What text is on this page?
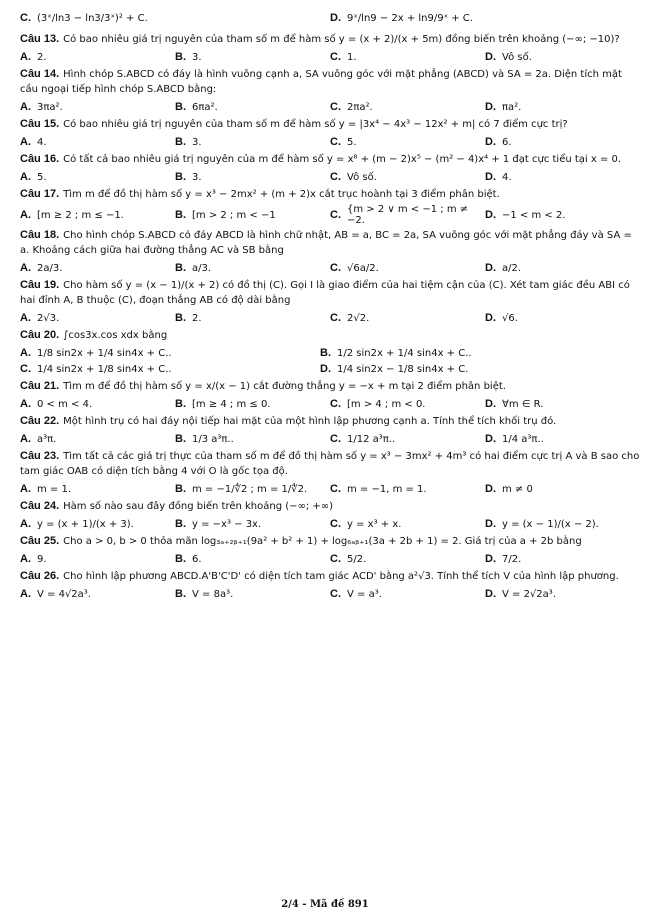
C. (3ˣ/ln3 − ln3/3ˣ)² + C.	D. 9ˣ/ln9 − 2x + ln9/9ˣ + C.

Câu 13. Có bao nhiêu giá trị nguyên của tham số m để hàm số y = (x + 2)/(x + 5m) đồng biến trên khoảng (−∞; −10)?

A. 2.	B. 3.	C. 1.	D. Vô số.

Câu 14. Hình chóp S.ABCD có đáy là hình vuông cạnh a, SA vuông góc với mặt phẳng (ABCD) và SA = 2a. Diện tích mặt cầu ngoại tiếp hình chóp S.ABCD bằng:

A. 3πa².	B. 6πa².	C. 2πa².	D. πa².

Câu 15. Có bao nhiêu giá trị nguyên của tham số m để hàm số y = |3x⁴ − 4x³ − 12x² + m| có 7 điểm cực trị?

A. 4.	B. 3.	C. 5.	D. 6.

Câu 16. Có tất cả bao nhiêu giá trị nguyên của m để hàm số y = x⁸ + (m − 2)x⁵ − (m² − 4)x⁴ + 1 đạt cực tiểu tại x = 0.

A. 5.	B. 3.	C. Vô số.	D. 4.

Câu 17. Tìm m để đồ thị hàm số y = x³ − 2mx² + (m + 2)x cắt trục hoành tại 3 điểm phân biệt.

A. [m ≥ 2 ; m ≤ −1.	B. [m > 2 ; m < −1	C. {m > 2 ∨ m < −1 ; m ≠ −2.	D. −1 < m < 2.

Câu 18. Cho hình chóp S.ABCD có đáy ABCD là hình chữ nhật, AB = a, BC = 2a, SA vuông góc với mặt phẳng đáy và SA = a. Khoảng cách giữa hai đường thẳng AC và SB bằng

A. 2a/3.	B. a/3.	C. √6a/2.	D. a/2.

Câu 19. Cho hàm số y = (x − 1)/(x + 2) có đồ thị (C). Gọi I là giao điểm của hai tiệm cận của (C). Xét tam giác đều ABI có hai đỉnh A, B thuộc (C), đoạn thẳng AB có độ dài bằng

A. 2√3.	B. 2.	C. 2√2.	D. √6.

Câu 20. ∫cos3x.cos xdx bằng

A. 1/8 sin2x + 1/4 sin4x + C..	B. 1/2 sin2x + 1/4 sin4x + C..
C. 1/4 sin2x + 1/8 sin4x + C..	D. 1/4 sin2x − 1/8 sin4x + C.

Câu 21. Tìm m để đồ thị hàm số y = x/(x − 1) cắt đường thẳng y = −x + m tại 2 điểm phân biệt.

A. 0 < m < 4.	B. [m ≥ 4 ; m ≤ 0.	C. [m > 4 ; m < 0.	D. ∀m ∈ R.

Câu 22. Một hình trụ có hai đáy nội tiếp hai mặt của một hình lập phương cạnh a. Tính thể tích khối trụ đó.

A. a³π.	B. 1/3 a³π..	C. 1/12 a³π..	D. 1/4 a³π..

Câu 23. Tìm tất cả các giá trị thực của tham số m để đồ thị hàm số y = x³ − 3mx² + 4m³ có hai điểm cực trị A và B sao cho tam giác OAB có diện tích bằng 4 với O là gốc tọa độ.

A. m = 1.	B. m = −1/∜2 ; m = 1/∜2. C. m = −1, m = 1.	D. m ≠ 0

Câu 24. Hàm số nào sau đây đồng biến trên khoảng (−∞; +∞)

A. y = (x + 1)/(x + 3).	B. y = −x³ − 3x.	C. y = x³ + x.	D. y = (x − 1)/(x − 2).

Câu 25. Cho a > 0, b > 0 thỏa mãn log₃ₐ₊₂ᵦ₊₁(9a² + b² + 1) + log₆ₐᵦ₊₁(3a + 2b + 1) = 2. Giá trị của a + 2b bằng

A. 9.	B. 6.	C. 5/2.	D. 7/2.

Câu 26. Cho hình lập phương ABCD.A'B'C'D' có diện tích tam giác ACD' bằng a²√3. Tính thể tích V của hình lập phương.

A. V = 4√2a³.	B. V = 8a³.	C. V = a³.	D. V = 2√2a³.
2/4 - Mã đề 891
